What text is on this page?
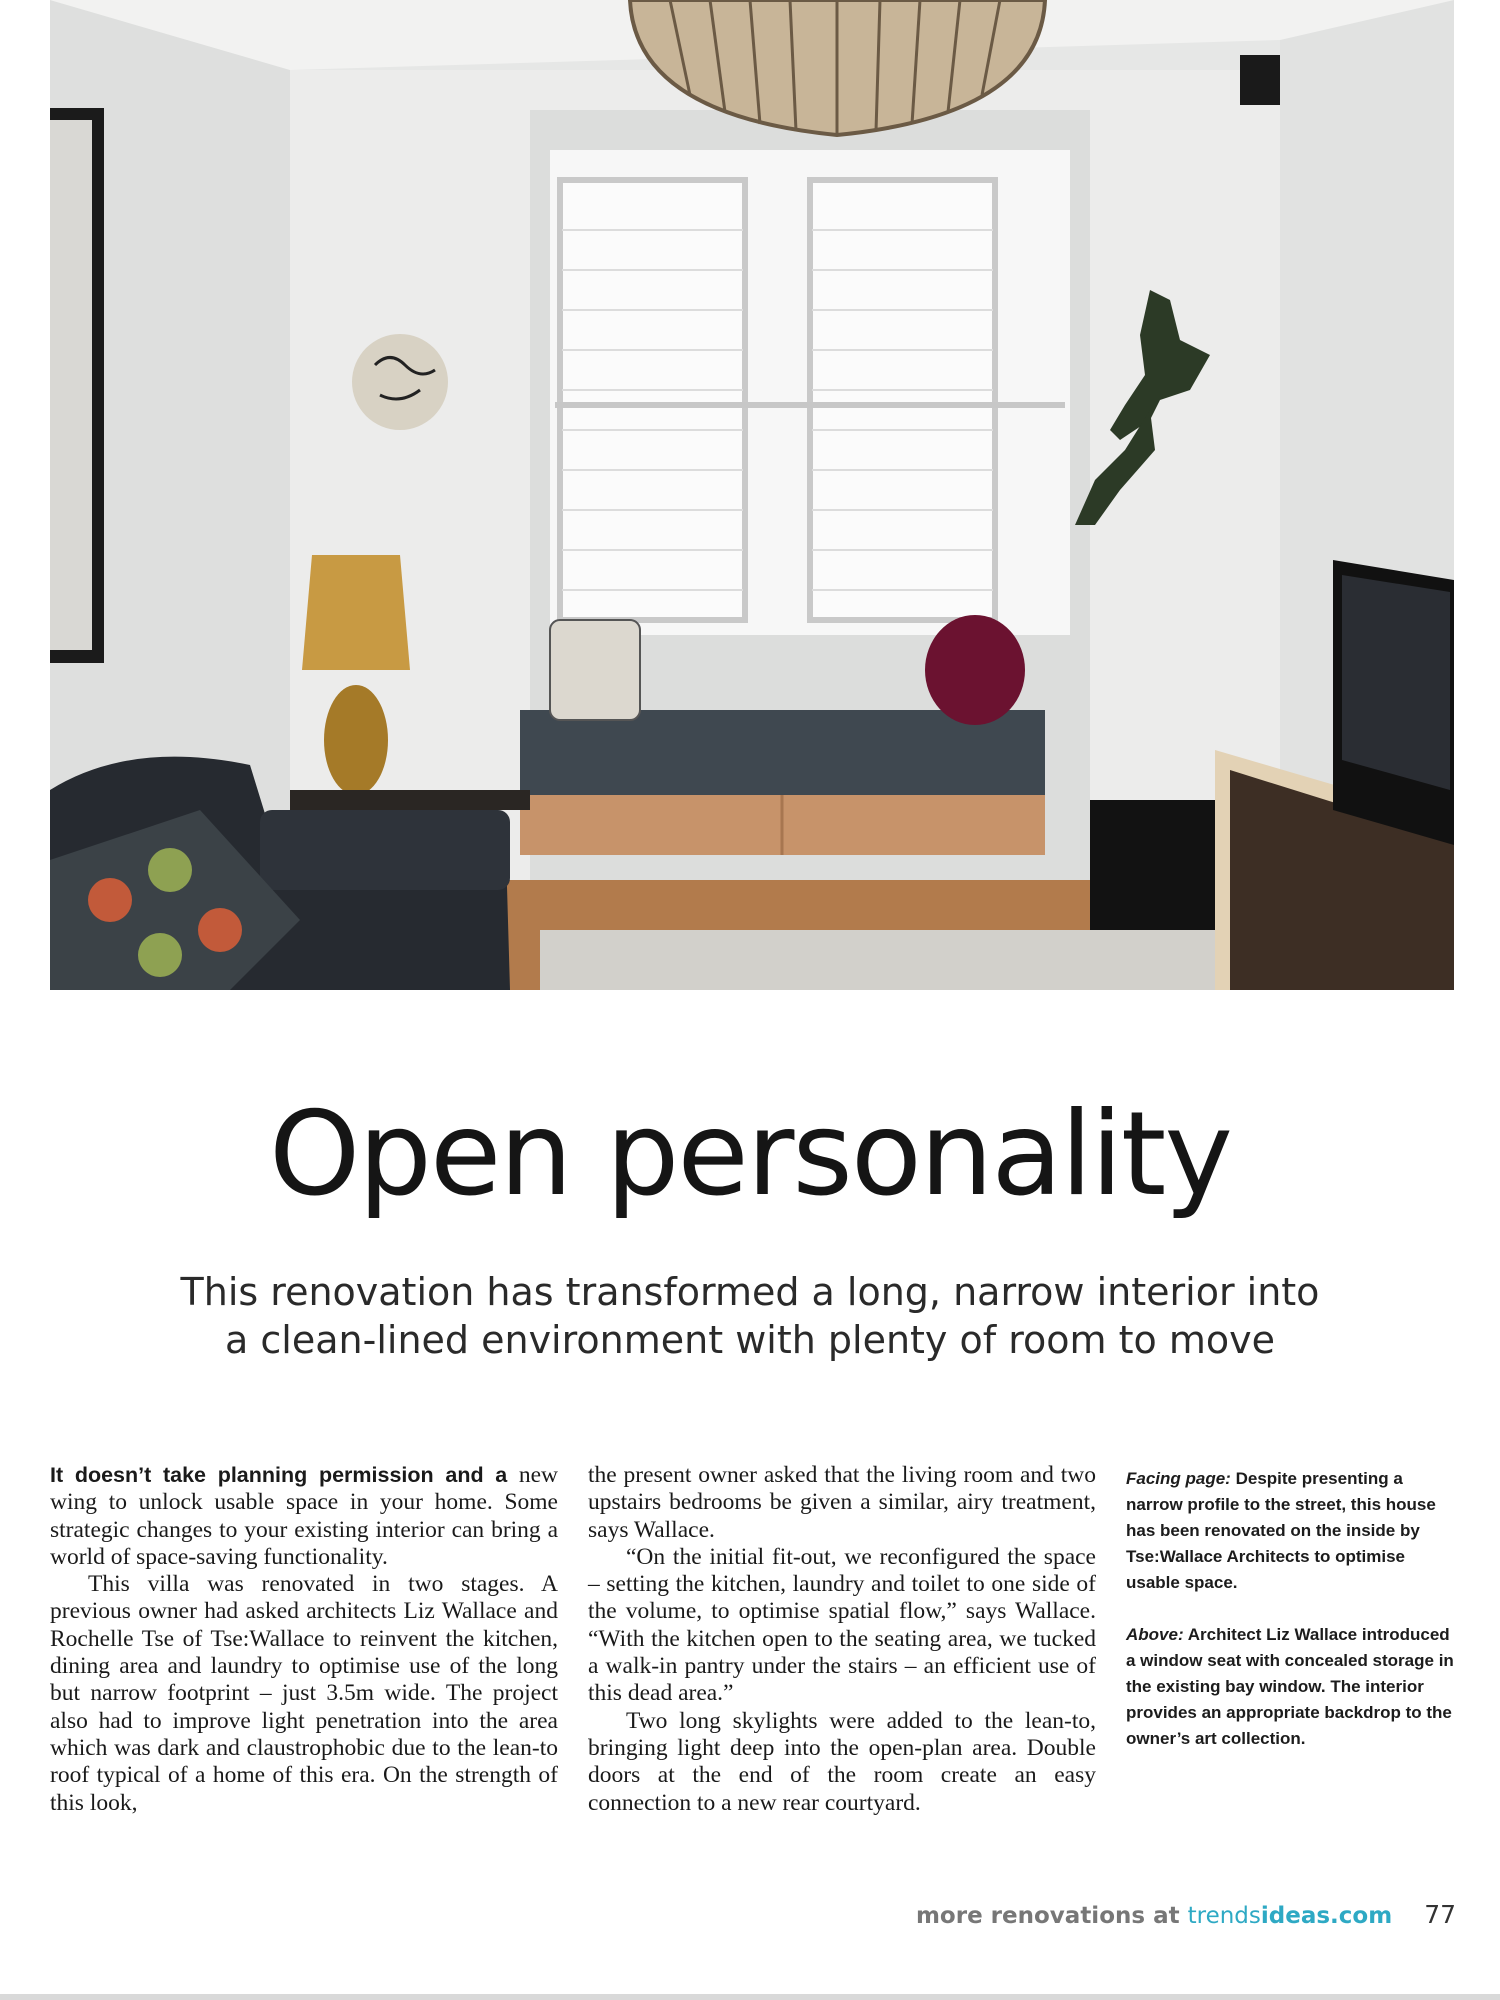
Open personality

This renovation has transformed a long, narrow interior into
a clean-lined environment with plenty of room to move

It doesn’t take planning permission and a new wing to unlock usable space in your home. Some strategic changes to your existing interior can bring a world of space-saving functionality.

This villa was renovated in two stages. A previous owner had asked architects Liz Wallace and Rochelle Tse of Tse:Wallace to reinvent the kitchen, dining area and laundry to optimise use of the long but narrow footprint – just 3.5m wide. The project also had to improve light penetration into the area which was dark and claustrophobic due to the lean-to roof typical of a home of this era. On the strength of this look,

the present owner asked that the living room and two upstairs bedrooms be given a similar, airy treatment, says Wallace.

“On the initial fit-out, we reconfigured the space – setting the kitchen, laundry and toilet to one side of the volume, to optimise spatial flow,” says Wallace. “With the kitchen open to the seating area, we tucked a walk-in pantry under the stairs – an efficient use of this dead area.”

Two long skylights were added to the lean-to, bringing light deep into the open-plan area. Double doors at the end of the room create an easy connection to a new rear courtyard.

Facing page: Despite presenting a narrow profile to the street, this house has been renovated on the inside by Tse:Wallace Architects to optimise usable space.

Above: Architect Liz Wallace introduced a window seat with concealed storage in the existing bay window. The interior provides an appropriate backdrop to the owner’s art collection.

more renovations at trendsideas.com 77
